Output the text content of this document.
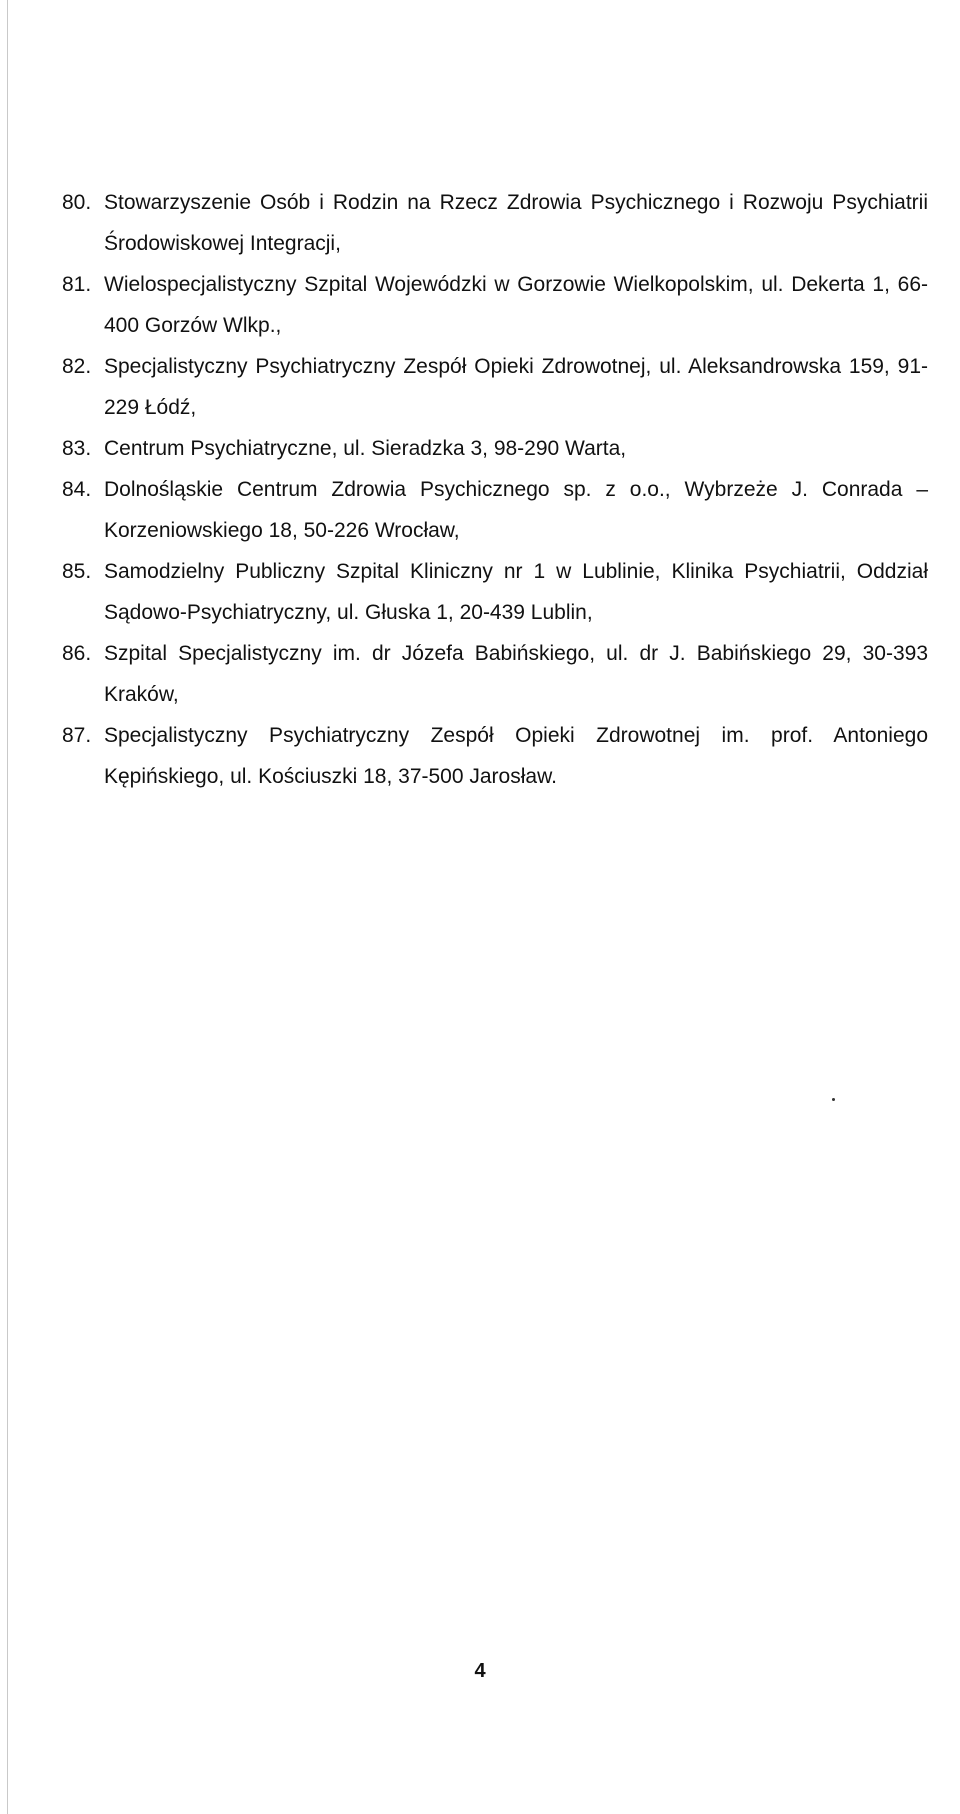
80. Stowarzyszenie Osób i Rodzin na Rzecz Zdrowia Psychicznego i Rozwoju Psychiatrii Środowiskowej Integracji,
81. Wielospecjalistyczny Szpital Wojewódzki w Gorzowie Wielkopolskim, ul. Dekerta 1, 66-400 Gorzów Wlkp.,
82. Specjalistyczny Psychiatryczny Zespół Opieki Zdrowotnej, ul. Aleksandrowska 159, 91-229 Łódź,
83. Centrum Psychiatryczne, ul. Sieradzka 3, 98-290 Warta,
84. Dolnośląskie Centrum Zdrowia Psychicznego sp. z o.o., Wybrzeże J. Conrada – Korzeniowskiego 18, 50-226 Wrocław,
85. Samodzielny Publiczny Szpital Kliniczny nr 1 w Lublinie, Klinika Psychiatrii, Oddział Sądowo-Psychiatryczny, ul. Głuska 1, 20-439 Lublin,
86. Szpital Specjalistyczny im. dr Józefa Babińskiego, ul. dr J. Babińskiego 29, 30-393 Kraków,
87. Specjalistyczny Psychiatryczny Zespół Opieki Zdrowotnej im. prof. Antoniego Kępińskiego, ul. Kościuszki 18, 37-500 Jarosław.
4
